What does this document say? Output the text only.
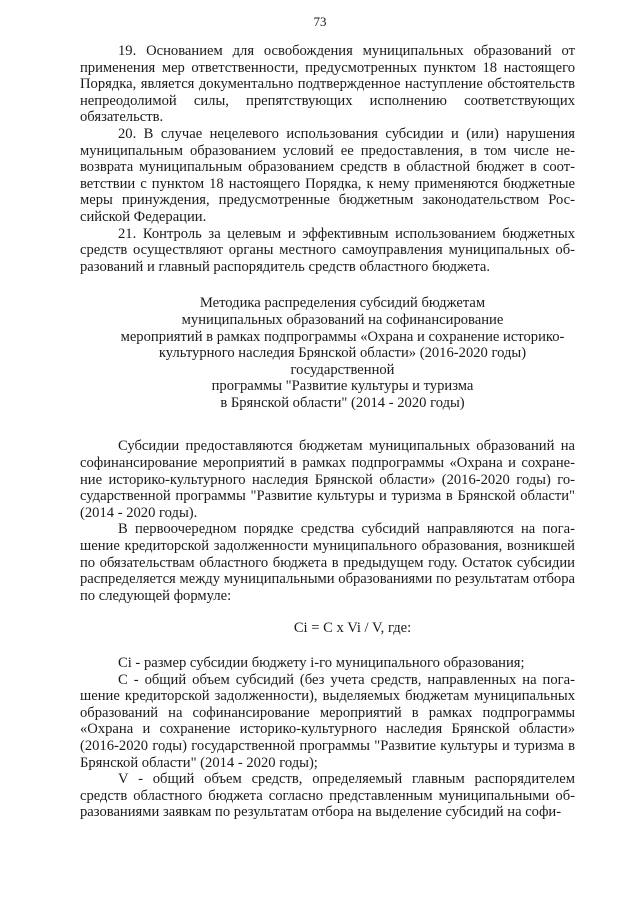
73

19. Основанием для освобождения муниципальных образований от применения мер ответственности, предусмотренных пунктом 18 настоящего Порядка, является документально подтвержденное наступление обстоятельств непреодолимой силы, препятствующих исполнению соответствующих обязательств.

20. В случае нецелевого использования субсидии и (или) нарушения муниципальным образованием условий ее предоставления, в том числе невозврата муниципальным образованием средств в областной бюджет в соответствии с пунктом 18 настоящего Порядка, к нему применяются бюджетные меры принуждения, предусмотренные бюджетным законодательством Российской Федерации.

21. Контроль за целевым и эффективным использованием бюджетных средств осуществляют органы местного самоуправления муниципальных образований и главный распорядитель средств областного бюджета.

Методика распределения субсидий бюджетам
муниципальных образований на софинансирование
мероприятий в рамках подпрограммы «Охрана и сохранение историко-
культурного наследия Брянской области» (2016-2020 годы) государственной
программы "Развитие культуры и туризма
в Брянской области" (2014 - 2020 годы)

Субсидии предоставляются бюджетам муниципальных образований на софинансирование мероприятий в рамках подпрограммы «Охрана и сохранение историко-культурного наследия Брянской области» (2016-2020 годы) государственной программы "Развитие культуры и туризма в Брянской области" (2014 - 2020 годы).

В первоочередном порядке средства субсидий направляются на погашение кредиторской задолженности муниципального образования, возникшей по обязательствам областного бюджета в предыдущем году. Остаток субсидии распределяется между муниципальными образованиями по результатам отбора по следующей формуле:

Ci = C x Vi / V, где:

Ci - размер субсидии бюджету i-го муниципального образования;

C - общий объем субсидий (без учета средств, направленных на погашение кредиторской задолженности), выделяемых бюджетам муниципальных образований на софинансирование мероприятий в рамках подпрограммы «Охрана и сохранение историко-культурного наследия Брянской области» (2016-2020 годы) государственной программы "Развитие культуры и туризма в Брянской области" (2014 - 2020 годы);

V - общий объем средств, определяемый главным распорядителем средств областного бюджета согласно представленным муниципальными образованиями заявкам по результатам отбора на выделение субсидий на софи-
